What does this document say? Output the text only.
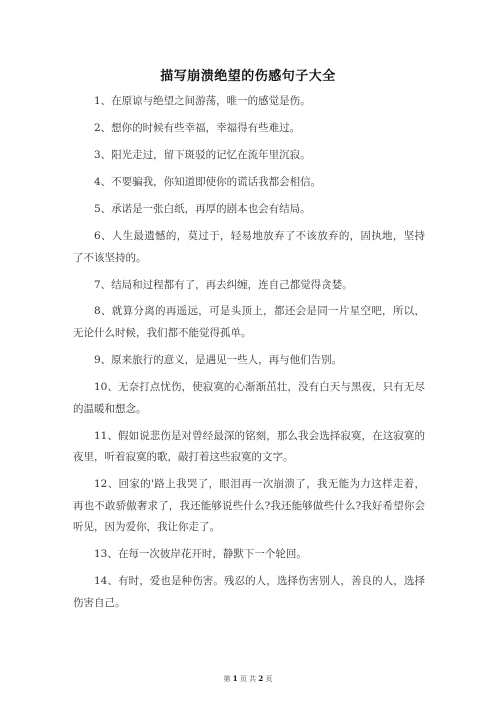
描写崩溃绝望的伤感句子大全

1、在原谅与绝望之间游荡，唯一的感觉是伤。

2、想你的时候有些幸福，幸福得有些难过。

3、阳光走过，留下斑驳的记忆在流年里沉寂。

4、不要骗我，你知道即使你的谎话我都会相信。

5、承诺是一张白纸，再厚的剧本也会有结局。

6、人生最遗憾的，莫过于，轻易地放弃了不该放弃的，固执地，坚持了不该坚持的。

7、结局和过程都有了，再去纠缠，连自己都觉得贪婪。

8、就算分离的再遥远，可是头顶上，都还会是同一片星空吧，所以，无论什么时候，我们都不能觉得孤单。

9、原来旅行的意义，是遇见一些人，再与他们告别。

10、无奈打点忧伤，使寂寞的心渐渐茁壮，没有白天与黑夜，只有无尽的温暖和想念。

11、假如说悲伤是对曾经最深的铭刻，那么我会选择寂寞，在这寂寞的夜里，听着寂寞的歌，敲打着这些寂寞的文字。

12、回家的'路上我哭了，眼泪再一次崩溃了，我无能为力这样走着，再也不敢骄傲奢求了，我还能够说些什么?我还能够做些什么?我好希望你会听见，因为爱你，我让你走了。

13、在每一次彼岸花开时，静默下一个轮回。

14、有时，爱也是种伤害。残忍的人，选择伤害别人，善良的人，选择伤害自己。

第 1 页 共 2 页
